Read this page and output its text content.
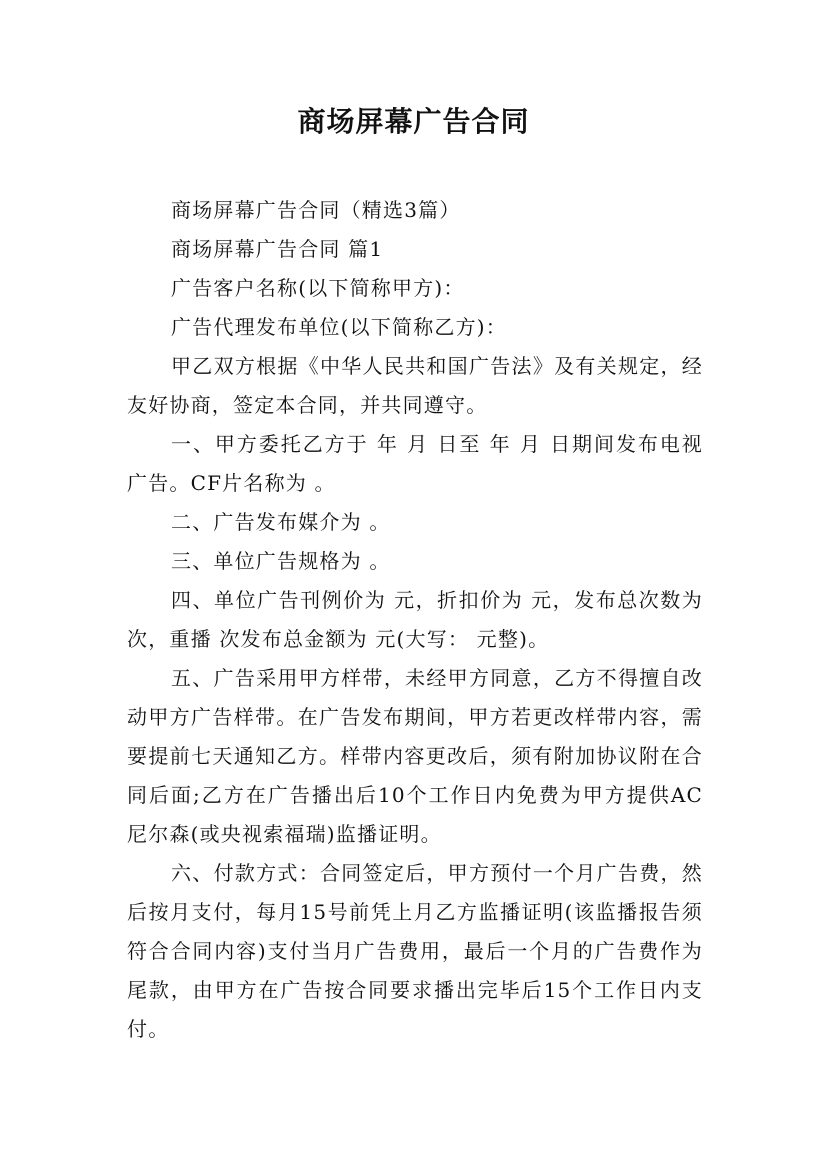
商场屏幕广告合同

商场屏幕广告合同（精选3篇）

商场屏幕广告合同 篇1

广告客户名称(以下简称甲方)：

广告代理发布单位(以下简称乙方)：

甲乙双方根据《中华人民共和国广告法》及有关规定，经友好协商，签定本合同，并共同遵守。

一、甲方委托乙方于 年 月 日至 年 月 日期间发布电视广告。CF片名称为 。

二、广告发布媒介为 。

三、单位广告规格为 。

四、单位广告刊例价为 元，折扣价为 元，发布总次数为 次，重播 次发布总金额为 元(大写： 元整)。

五、广告采用甲方样带，未经甲方同意，乙方不得擅自改动甲方广告样带。在广告发布期间，甲方若更改样带内容，需要提前七天通知乙方。样带内容更改后，须有附加协议附在合同后面;乙方在广告播出后10个工作日内免费为甲方提供AC尼尔森(或央视索福瑞)监播证明。

六、付款方式：合同签定后，甲方预付一个月广告费，然后按月支付，每月15号前凭上月乙方监播证明(该监播报告须符合合同内容)支付当月广告费用，最后一个月的广告费作为尾款，由甲方在广告按合同要求播出完毕后15个工作日内支付。
